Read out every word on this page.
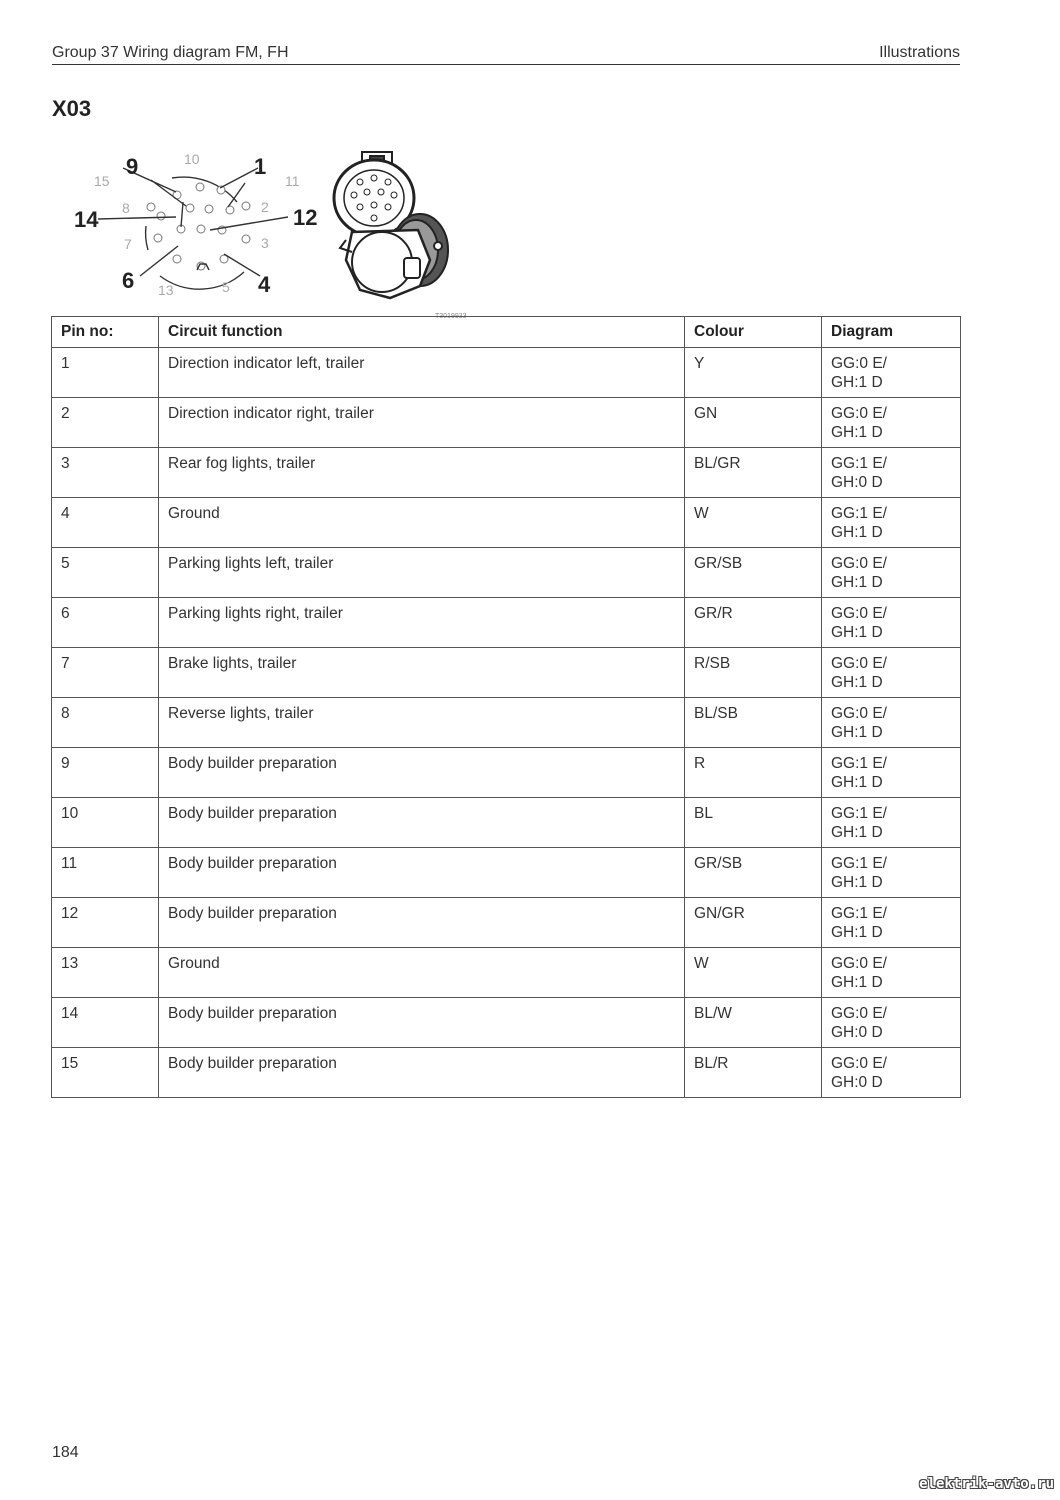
Group 37 Wiring diagram FM, FH	Illustrations
X03
9	1
14	12
6	4
10
15	11
8	2
7	3
13	5
T3019933
Pin no:	Circuit function	Colour	Diagram
1	Direction indicator left, trailer	Y	GG:0 E/
GH:1 D

2	Direction indicator right, trailer	GN	GG:0 E/
GH:1 D

3	Rear fog lights, trailer	BL/GR	GG:1 E/
GH:0 D

4	Ground	W	GG:1 E/
GH:1 D

5	Parking lights left, trailer	GR/SB	GG:0 E/
GH:1 D

6	Parking lights right, trailer	GR/R	GG:0 E/
GH:1 D

7	Brake lights, trailer	R/SB	GG:0 E/
GH:1 D

8	Reverse lights, trailer	BL/SB	GG:0 E/
GH:1 D

9	Body builder preparation	R	GG:1 E/
GH:1 D

10	Body builder preparation	BL	GG:1 E/
GH:1 D

11	Body builder preparation	GR/SB	GG:1 E/
GH:1 D

12	Body builder preparation	GN/GR	GG:1 E/
GH:1 D

13	Ground	W	GG:0 E/
GH:1 D

14	Body builder preparation	BL/W	GG:0 E/
GH:0 D

15	Body builder preparation	BL/R	GG:0 E/
GH:0 D
184
elektrik-avto.ru
